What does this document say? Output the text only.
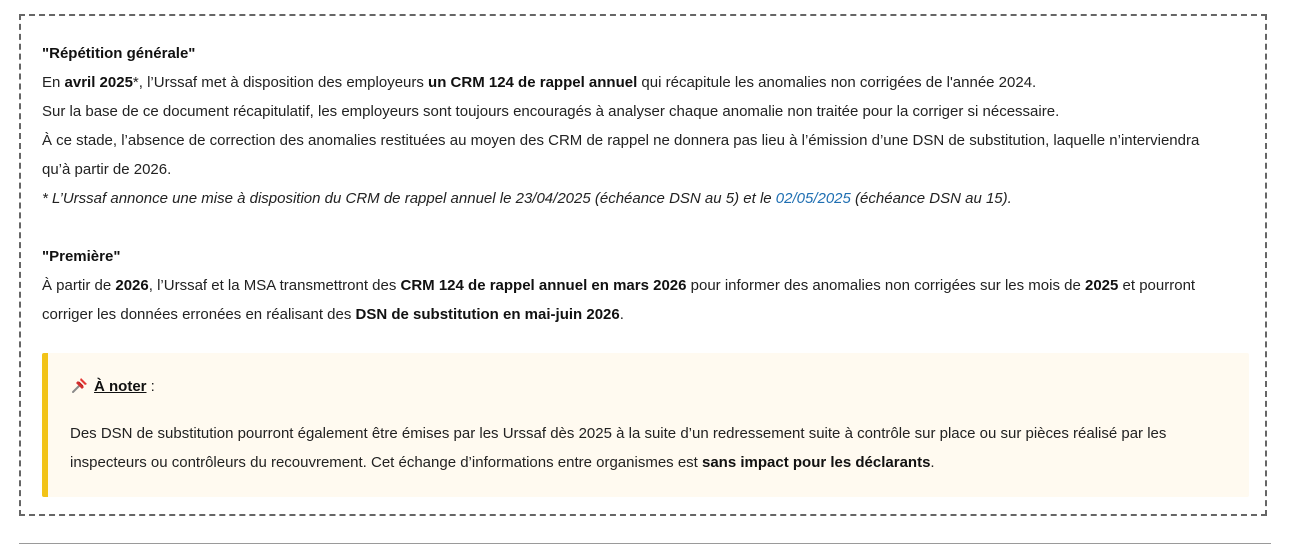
"Répétition générale"
En avril 2025*, l’Urssaf met à disposition des employeurs un CRM 124 de rappel annuel qui récapitule les anomalies non corrigées de l'année 2024.
Sur la base de ce document récapitulatif, les employeurs sont toujours encouragés à analyser chaque anomalie non traitée pour la corriger si nécessaire.
À ce stade, l’absence de correction des anomalies restituées au moyen des CRM de rappel ne donnera pas lieu à l’émission d’une DSN de substitution, laquelle n’interviendra
qu’à partir de 2026.
* L’Urssaf annonce une mise à disposition du CRM de rappel annuel le 23/04/2025 (échéance DSN au 5) et le 02/05/2025 (échéance DSN au 15).
"Première"
À partir de 2026, l’Urssaf et la MSA transmettront des CRM 124 de rappel annuel en mars 2026 pour informer des anomalies non corrigées sur les mois de 2025 et pourront
corriger les données erronées en réalisant des DSN de substitution en mai-juin 2026.
À noter :
Des DSN de substitution pourront également être émises par les Urssaf dès 2025 à la suite d’un redressement suite à contrôle sur place ou sur pièces réalisé par les inspecteurs ou contrôleurs du recouvrement. Cet échange d’informations entre organismes est sans impact pour les déclarants.
